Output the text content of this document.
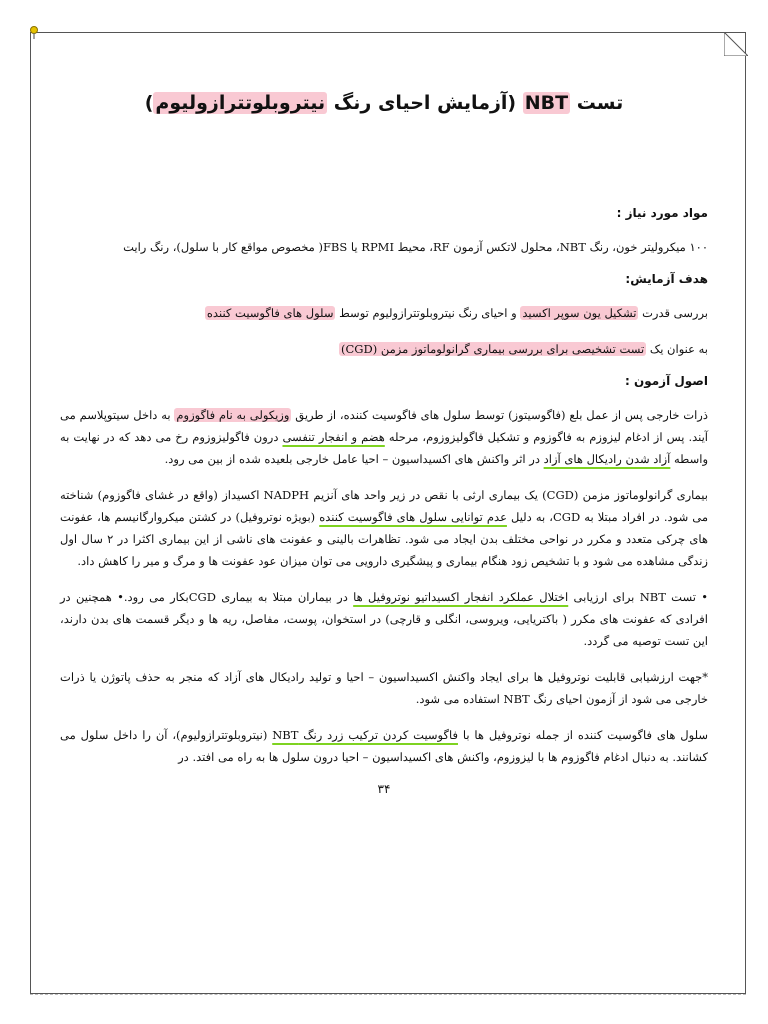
تست NBT (آزمایش احیای رنگ نیتروبلوتترازولیوم)
مواد مورد نیاز :

۱۰۰ میکرولیتر خون، رنگ NBT، محلول لاتکس آزمون RF، محیط RPMI یا FBS( مخصوص مواقع کار با سلول)، رنگ رایت

هدف آزمایش:

بررسی قدرت تشکیل یون سوپر اکسید و احیای رنگ نیتروبلوتترازولیوم توسط سلول های فاگوسیت کننده

به عنوان یک تست تشخیصی برای بررسی بیماری گرانولوماتوز مزمن (CGD)

اصول آزمون :

ذرات خارجی پس از عمل بلع (فاگوسیتوز) توسط سلول های فاگوسیت کننده، از طریق وزیکولی به نام فاگوزوم به داخل سیتوپلاسم می آیند. پس از ادغام لیزوزم به فاگوزوم و تشکیل فاگولیزوزوم، مرحله هضم و انفجار تنفسی درون فاگولیزوزوم رخ می دهد که در نهایت به واسطه آزاد شدن رادیکال های آزاد در اثر واکنش های اکسیداسیون – احیا عامل خارجی بلعیده شده از بین می رود.

بیماری گرانولوماتوز مزمن (CGD) یک بیماری ارثی با نقص در زیر واحد های آنزیم NADPH اکسیداز (واقع در غشای فاگوزوم) شناخته می شود. در افراد مبتلا به CGD، به دلیل عدم توانایی سلول های فاگوسیت کننده (بویژه نوتروفیل) در کشتن میکروارگانیسم ها، عفونت های چرکی متعدد و مکرر در نواحی مختلف بدن ایجاد می شود. تظاهرات بالینی و عفونت های ناشی از این بیماری اکثرا در ۲ سال اول زندگی مشاهده می شود و با تشخیص زود هنگام بیماری و پیشگیری دارویی می توان میزان عود عفونت ها و مرگ و میر را کاهش داد.

• تست NBT برای ارزیابی اختلال عملکرد انفجار اکسیداتیو نوتروفیل ها در بیماران مبتلا به بیماری CGDبکار می رود.• همچنین در افرادی که عفونت های مکرر ( باکتریایی، ویروسی، انگلی و قارچی) در استخوان، پوست، مفاصل، ریه ها و دیگر قسمت های بدن دارند، این تست توصیه می گردد.

*جهت ارزشیابی قابلیت نوتروفیل ها برای ایجاد واکنش اکسیداسیون – احیا و تولید رادیکال های آزاد که منجر به حذف پاتوژن یا ذرات خارجی می شود از آزمون احیای رنگ NBT استفاده می شود.

سلول های فاگوسیت کننده از جمله نوتروفیل ها با فاگوسیت کردن ترکیب زرد رنگ NBT (نیتروبلوتترازولیوم)، آن را داخل سلول می کشانند. به دنبال ادغام فاگوزوم ها با لیزوزوم، واکنش های اکسیداسیون – احیا درون سلول ها به راه می افتد. در

۳۴
